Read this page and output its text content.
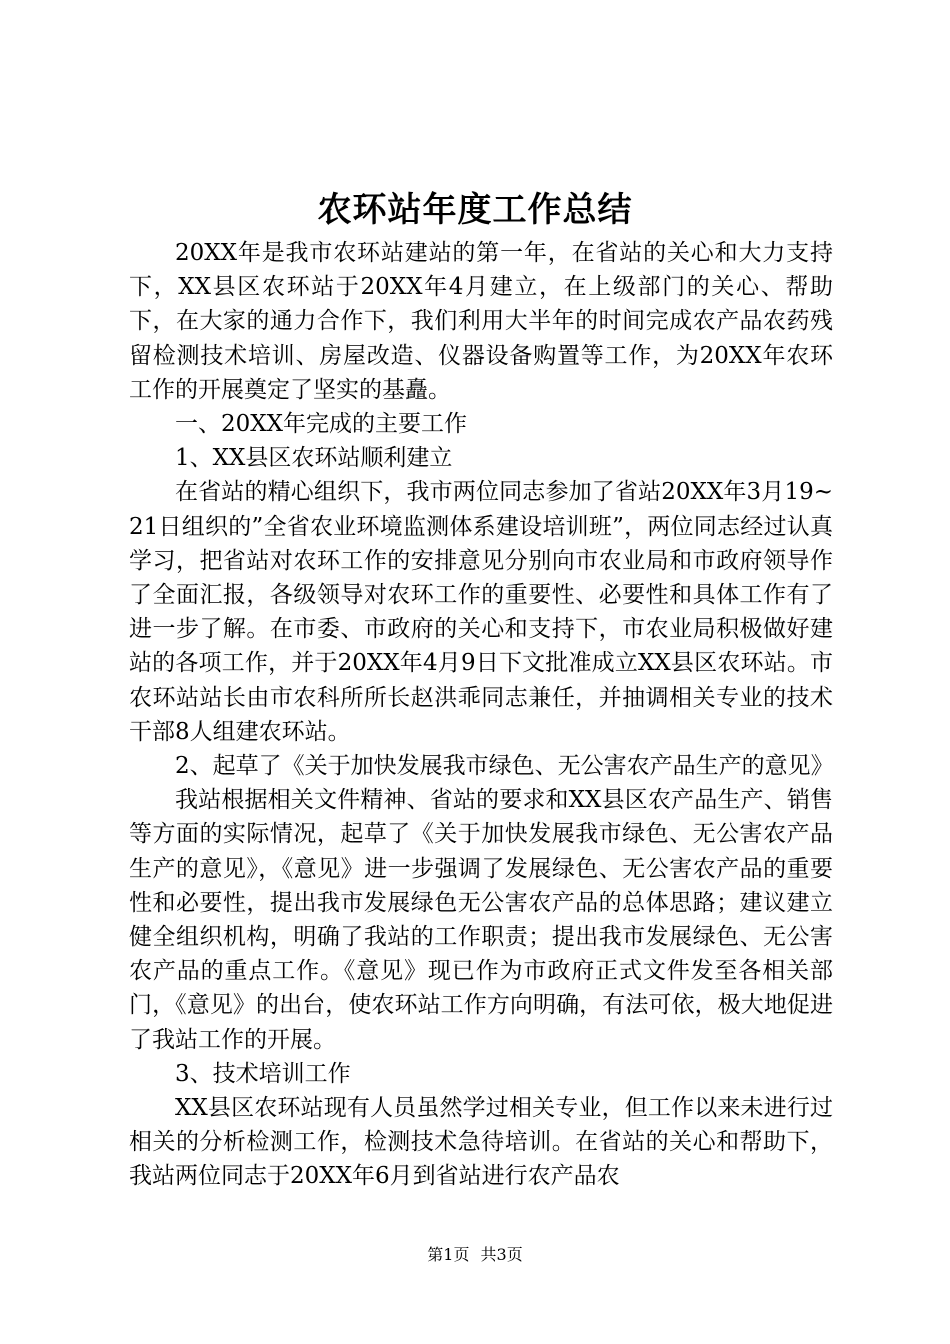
农环站年度工作总结

20XX年是我市农环站建站的第一年，在省站的关心和大力支持下，XX县区农环站于20XX年4月建立，在上级部门的关心、帮助下，在大家的通力合作下，我们利用大半年的时间完成农产品农药残留检测技术培训、房屋改造、仪器设备购置等工作，为20XX年农环工作的开展奠定了坚实的基矗。

一、20XX年完成的主要工作

1、XX县区农环站顺利建立

在省站的精心组织下，我市两位同志参加了省站20XX年3月19~21日组织的”全省农业环境监测体系建设培训班”，两位同志经过认真学习，把省站对农环工作的安排意见分别向市农业局和市政府领导作了全面汇报，各级领导对农环工作的重要性、必要性和具体工作有了进一步了解。在市委、市政府的关心和支持下，市农业局积极做好建站的各项工作，并于20XX年4月9日下文批准成立XX县区农环站。市农环站站长由市农科所所长赵洪乖同志兼任，并抽调相关专业的技术干部8人组建农环站。

2、起草了《关于加快发展我市绿色、无公害农产品生产的意见》

我站根据相关文件精神、省站的要求和XX县区农产品生产、销售等方面的实际情况，起草了《关于加快发展我市绿色、无公害农产品生产的意见》，《意见》进一步强调了发展绿色、无公害农产品的重要性和必要性，提出我市发展绿色无公害农产品的总体思路；建议建立健全组织机构，明确了我站的工作职责；提出我市发展绿色、无公害农产品的重点工作。《意见》现已作为市政府正式文件发至各相关部门，《意见》的出台，使农环站工作方向明确，有法可依，极大地促进了我站工作的开展。

3、技术培训工作

XX县区农环站现有人员虽然学过相关专业，但工作以来未进行过相关的分析检测工作，检测技术急待培训。在省站的关心和帮助下，我站两位同志于20XX年6月到省站进行农产品农

第1页 共3页
